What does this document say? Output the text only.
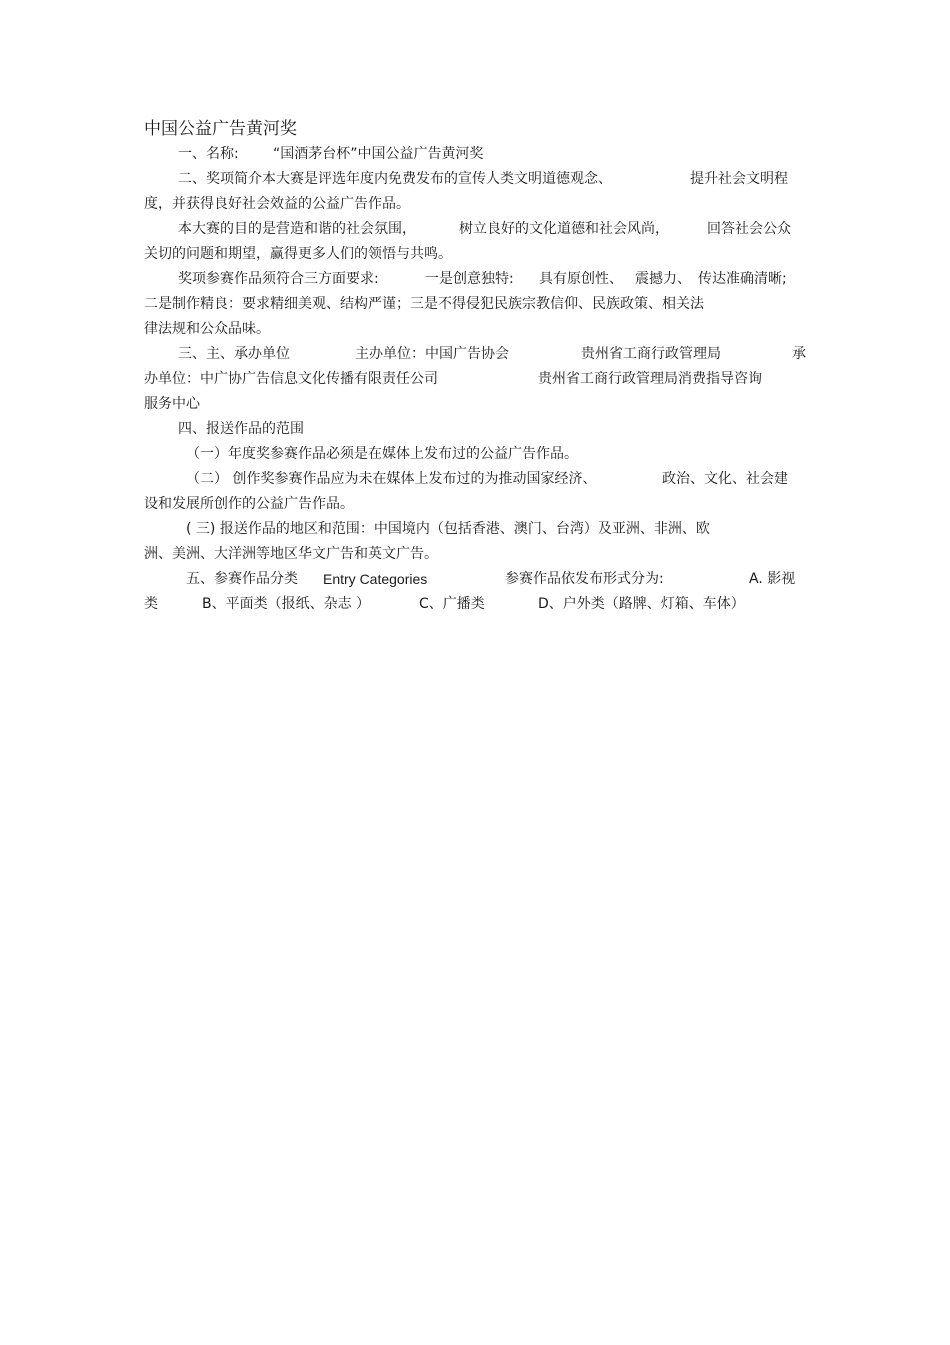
中国公益广告黄河奖
一、名称: “国酒茅台杯”中国公益广告黄河奖
二、奖项简介本大赛是评选年度内免费发布的宣传人类文明道德观念、	提升社会文明程
度，并获得良好社会效益的公益广告作品。
本大赛的目的是营造和谐的社会氛围，	树立良好的文化道德和社会风尚，	回答社会公众
关切的问题和期望，赢得更多人们的领悟与共鸣。
奖项参赛作品须符合三方面要求:	一是创意独特: 具有原创性、 震撼力、 传达准确清晰;
二是制作精良：要求精细美观、结构严谨；三是不得侵犯民族宗教信仰、民族政策、相关法
律法规和公众品味。
三、主、承办单位	主办单位：中国广告协会	贵州省工商行政管理局	承
办单位：中广协广告信息文化传播有限责任公司	贵州省工商行政管理局消费指导咨询
服务中心
四、报送作品的范围
（一）年度奖参赛作品必须是在媒体上发布过的公益广告作品。
（二） 创作奖参赛作品应为未在媒体上发布过的为推动国家经济、	政治、文化、社会建
设和发展所创作的公益广告作品。
( 三) 报送作品的地区和范围：中国境内（包括香港、澳门、台湾）及亚洲、非洲、欧
洲、美洲、大洋洲等地区华文广告和英文广告。
五、参赛作品分类 Entry Categories	参赛作品依发布形式分为:	A. 影视
类	B、平面类（报纸、杂志 ）	C、广播类	D、户外类（路牌、灯箱、车体）
